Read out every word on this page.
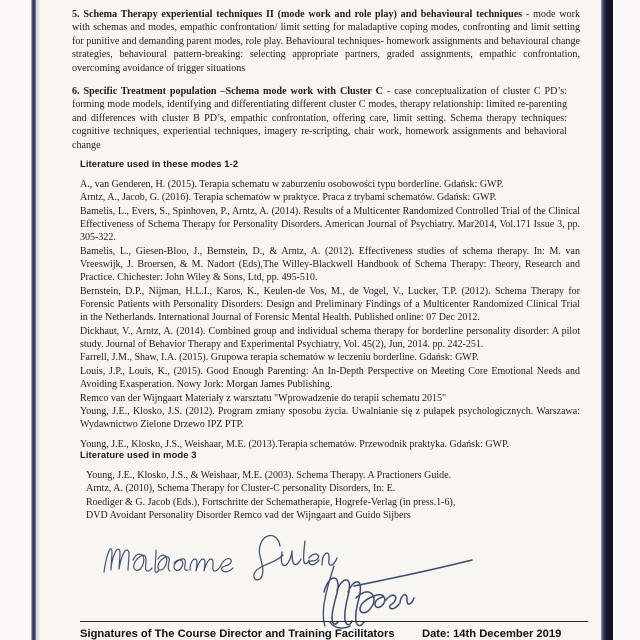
5. Schema Therapy experiential techniques II (mode work and role play) and behavioural techniques - mode work with schemas and modes, empathic confrontation/ limit setting for maladaptive coping modes, confronting and limit setting for punitive and demanding parent modes, role play. Behavioural techniques- homework assignments and behavioural change strategies, behavioural pattern-breaking: selecting appropriate partners, graded assignments, empathic confrontation, overcoming avoidance of trigger situations

6. Specific Treatment population –Schema mode work with Cluster C - case conceptualization of cluster C PD’s: forming mode models, identifying and differentiating different cluster C modes, therapy relationship: limited re-parenting and differences with cluster B PD’s, empathic confrontation, offering care, limit setting. Schema therapy techniques: cognitive techniques, experiential techniques, imagery re-scripting, chair work, homework assignments and behavioral change

Literature used in these modes 1-2

A., van Genderen, H. (2015). Terapia schematu w zaburzeniu osobowości typu borderline. Gdańsk: GWP.

Arntz, A., Jacob, G. (2016). Terapia schematów w praktyce. Praca z trybami schematów. Gdańsk: GWP.

Bamelis, L., Evers, S., Spinhoven, P., Arntz, A. (2014). Results of a Multicenter Randomized Controlled Trial of the Clinical Effectiveness of Schema Therapy for Personality Disorders. American Journal of Psychiatry. Mar2014, Vol.171 Issue 3, pp. 305-322.

Bamelis, L., Giesen-Bloo, J., Bernstein, D., & Arntz, A. (2012). Effectiveness studies of schema therapy. In: M. van Vreeswijk, J. Broersen, & M. Nadort (Eds),The Willey-Blackwell Handbook of Schema Therapy: Theory, Research and Practice. Chichester: John Wiley & Sons, Ltd, pp. 495-510.

Bernstein, D.P., Nijman, H.L.I., Karos, K., Keulen-de Vos, M., de Vogel, V., Lucker, T.P. (2012). Schema Therapy for Forensic Patients with Personality Disorders: Design and Preliminary Findings of a Multicenter Randomized Clinical Trial in the Netherlands. International Journal of Forensic Mental Health. Published online: 07 Dec 2012.

Dickhaut, V., Arntz, A. (2014). Combined group and individual schema therapy for borderline personality disorder: A pilot study. Journal of Behavior Therapy and Experimental Psychiatry, Vol. 45(2), Jun, 2014. pp. 242-251.

Farrell, J.M., Shaw, I.A. (2015). Grupowa terapia schematów w leczeniu borderline. Gdańsk: GWP.

Louis, J.P., Louis, K., (2015). Good Enough Parenting: An In-Depth Perspective on Meeting Core Emotional Needs and Avoiding Exasperation. Nowy Jork: Morgan James Publishing.

Remco van der Wijngaart Materiały z warsztatu "Wprowadzenie do terapii schematu 2015"

Young, J.E., Klosko, J.S. (2012). Program zmiany sposobu życia. Uwalnianie się z pułapek psychologicznych. Warszawa: Wydawnictwo Zielone Drzewo IPZ PTP.

Young, J.E., Klosko, J.S., Weishaar, M.E. (2013).Terapia schematów. Przewodnik praktyka. Gdańsk: GWP.

Literature used in mode 3

Young, J.E., Klosko, J.S., & Weishaar, M.E. (2003). Schema Therapy. A Practioners Guide.

Arntz, A. (2010), Schema Therapy for Cluster-C personality Disorders, In: E.

Roediger & G. Jacob (Eds.), Fortschritte der Schematherapie, Hogrefe-Verlag (in press.1-6),

DVD Avoidant Personality Disorder Remco vad der Wijngaart and Guido Sijbers

Signatures of The Course Director and Training Facilitators Date: 14th December 2019
